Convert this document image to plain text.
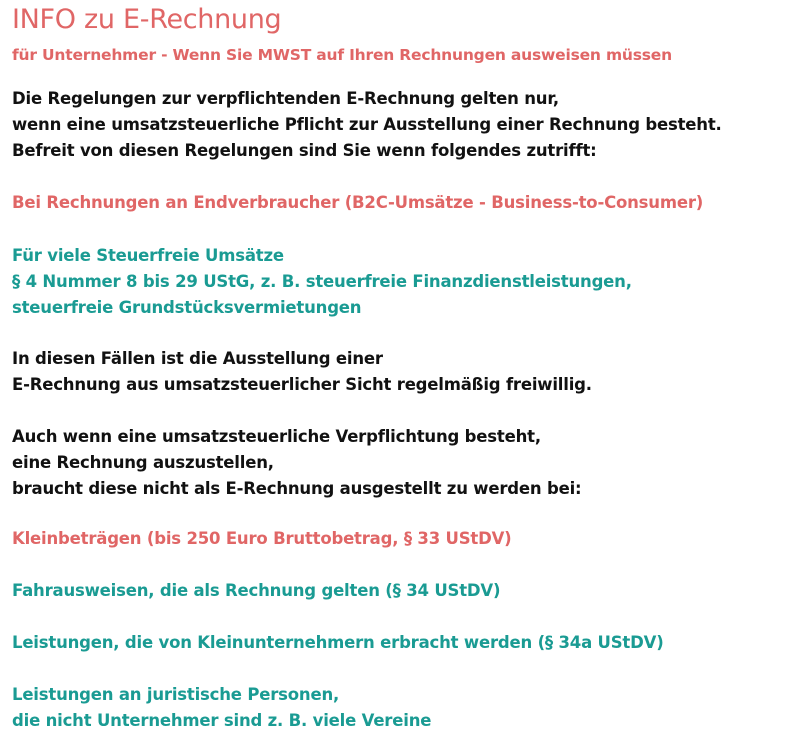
INFO zu E-Rechnung
für Unternehmer - Wenn Sie MWST auf Ihren Rechnungen ausweisen müssen
Die Regelungen zur verpflichtenden E-Rechnung gelten nur,
wenn eine umsatzsteuerliche Pflicht zur Ausstellung einer Rechnung besteht.
Befreit von diesen Regelungen sind Sie wenn folgendes zutrifft:
Bei Rechnungen an Endverbraucher (B2C-Umsätze - Business-to-Consumer)
Für viele Steuerfreie Umsätze
§ 4 Nummer 8 bis 29 UStG, z. B. steuerfreie Finanzdienstleistungen,
steuerfreie Grundstücksvermietungen
In diesen Fällen ist die Ausstellung einer
E-Rechnung aus umsatzsteuerlicher Sicht regelmäßig freiwillig.
Auch wenn eine umsatzsteuerliche Verpflichtung besteht,
eine Rechnung auszustellen,
braucht diese nicht als E-Rechnung ausgestellt zu werden bei:
Kleinbeträgen (bis 250 Euro Bruttobetrag, § 33 UStDV)
Fahrausweisen, die als Rechnung gelten (§ 34 UStDV)
Leistungen, die von Kleinunternehmern erbracht werden (§ 34a UStDV)
Leistungen an juristische Personen,
die nicht Unternehmer sind z. B. viele Vereine
